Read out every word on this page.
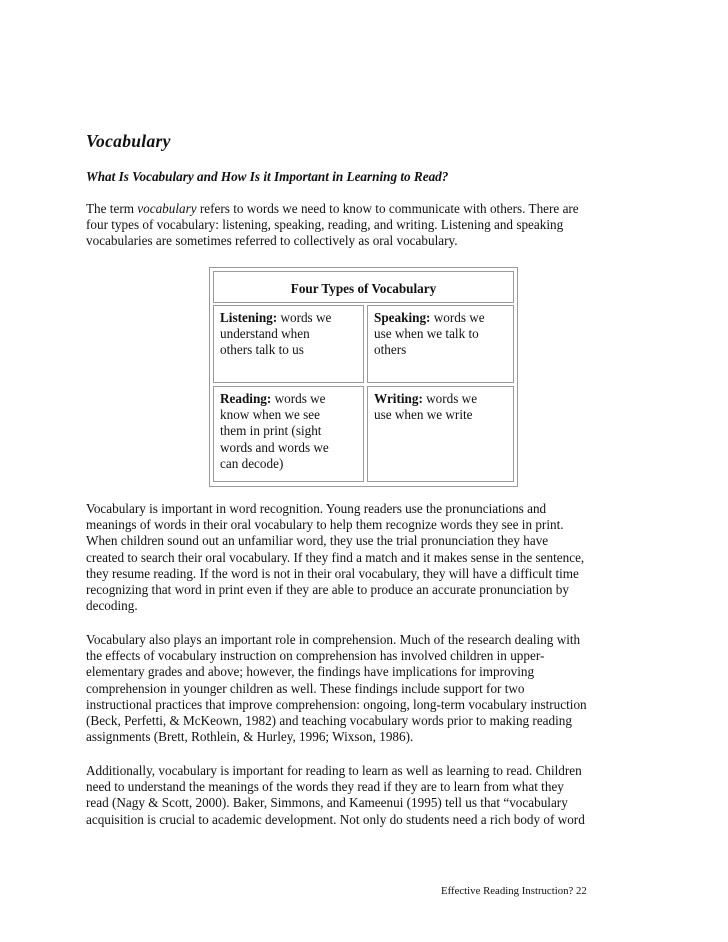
Vocabulary
What Is Vocabulary and How Is it Important in Learning to Read?

The term vocabulary refers to words we need to know to communicate with others. There are
four types of vocabulary: listening, speaking, reading, and writing. Listening and speaking
vocabularies are sometimes referred to collectively as oral vocabulary.

Four Types of Vocabulary
Listening: words we
understand when
others talk to us
Speaking: words we
use when we talk to
others
Reading: words we
know when we see
them in print (sight
words and words we
can decode)
Writing: words we
use when we write

Vocabulary is important in word recognition. Young readers use the pronunciations and
meanings of words in their oral vocabulary to help them recognize words they see in print.
When children sound out an unfamiliar word, they use the trial pronunciation they have
created to search their oral vocabulary. If they find a match and it makes sense in the sentence,
they resume reading. If the word is not in their oral vocabulary, they will have a difficult time
recognizing that word in print even if they are able to produce an accurate pronunciation by
decoding.

Vocabulary also plays an important role in comprehension. Much of the research dealing with
the effects of vocabulary instruction on comprehension has involved children in upper-
elementary grades and above; however, the findings have implications for improving
comprehension in younger children as well. These findings include support for two
instructional practices that improve comprehension: ongoing, long-term vocabulary instruction
(Beck, Perfetti, & McKeown, 1982) and teaching vocabulary words prior to making reading
assignments (Brett, Rothlein, & Hurley, 1996; Wixson, 1986).

Additionally, vocabulary is important for reading to learn as well as learning to read. Children
need to understand the meanings of the words they read if they are to learn from what they
read (Nagy & Scott, 2000). Baker, Simmons, and Kameenui (1995) tell us that “vocabulary
acquisition is crucial to academic development. Not only do students need a rich body of word

Effective Reading Instruction? 22
